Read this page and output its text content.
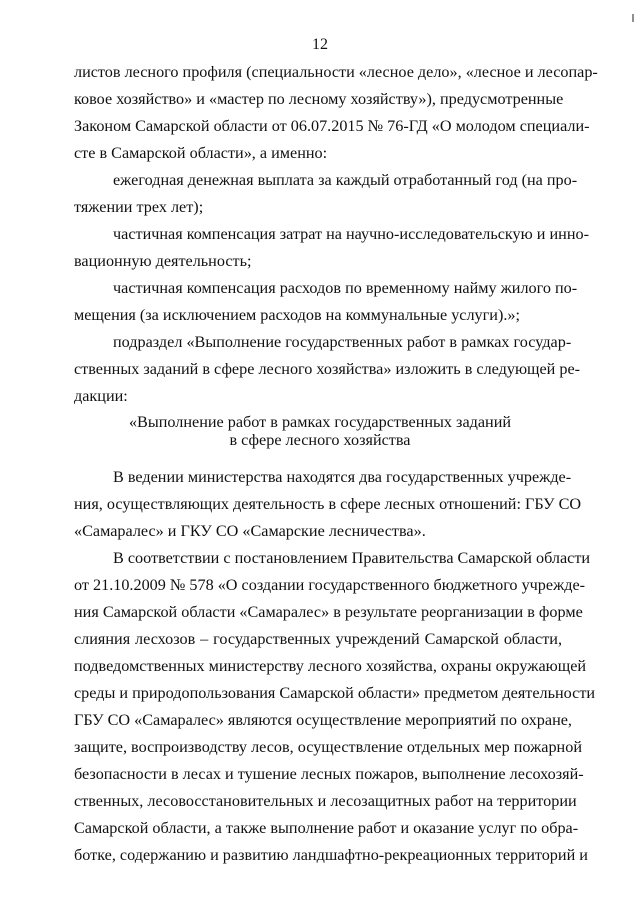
12
листов лесного профиля (специальности «лесное дело», «лесное и лесопар-
ковое хозяйство» и «мастер по лесному хозяйству»), предусмотренные
Законом Самарской области от 06.07.2015 № 76-ГД «О молодом специали-
сте в Самарской области», а именно:
ежегодная денежная выплата за каждый отработанный год (на про-
тяжении трех лет);
частичная компенсация затрат на научно-исследовательскую и инно-
вационную деятельность;
частичная компенсация расходов по временному найму жилого по-
мещения (за исключением расходов на коммунальные услуги).»;
подраздел «Выполнение государственных работ в рамках государ-
ственных заданий в сфере лесного хозяйства» изложить в следующей ре-
дакции:
«Выполнение работ в рамках государственных заданий
в сфере лесного хозяйства
В ведении министерства находятся два государственных учрежде-
ния, осуществляющих деятельность в сфере лесных отношений: ГБУ СО
«Самаралес» и ГКУ СО «Самарские лесничества».
В соответствии с постановлением Правительства Самарской области
от 21.10.2009 № 578 «О создании государственного бюджетного учрежде-
ния Самарской области «Самаралес» в результате реорганизации в форме
слияния лесхозов – государственных учреждений Самарской области,
подведомственных министерству лесного хозяйства, охраны окружающей
среды и природопользования Самарской области» предметом деятельности
ГБУ СО «Самаралес» являются осуществление мероприятий по охране,
защите, воспроизводству лесов, осуществление отдельных мер пожарной
безопасности в лесах и тушение лесных пожаров, выполнение лесохозяй-
ственных, лесовосстановительных и лесозащитных работ на территории
Самарской области, а также выполнение работ и оказание услуг по обра-
ботке, содержанию и развитию ландшафтно-рекреационных территорий и
